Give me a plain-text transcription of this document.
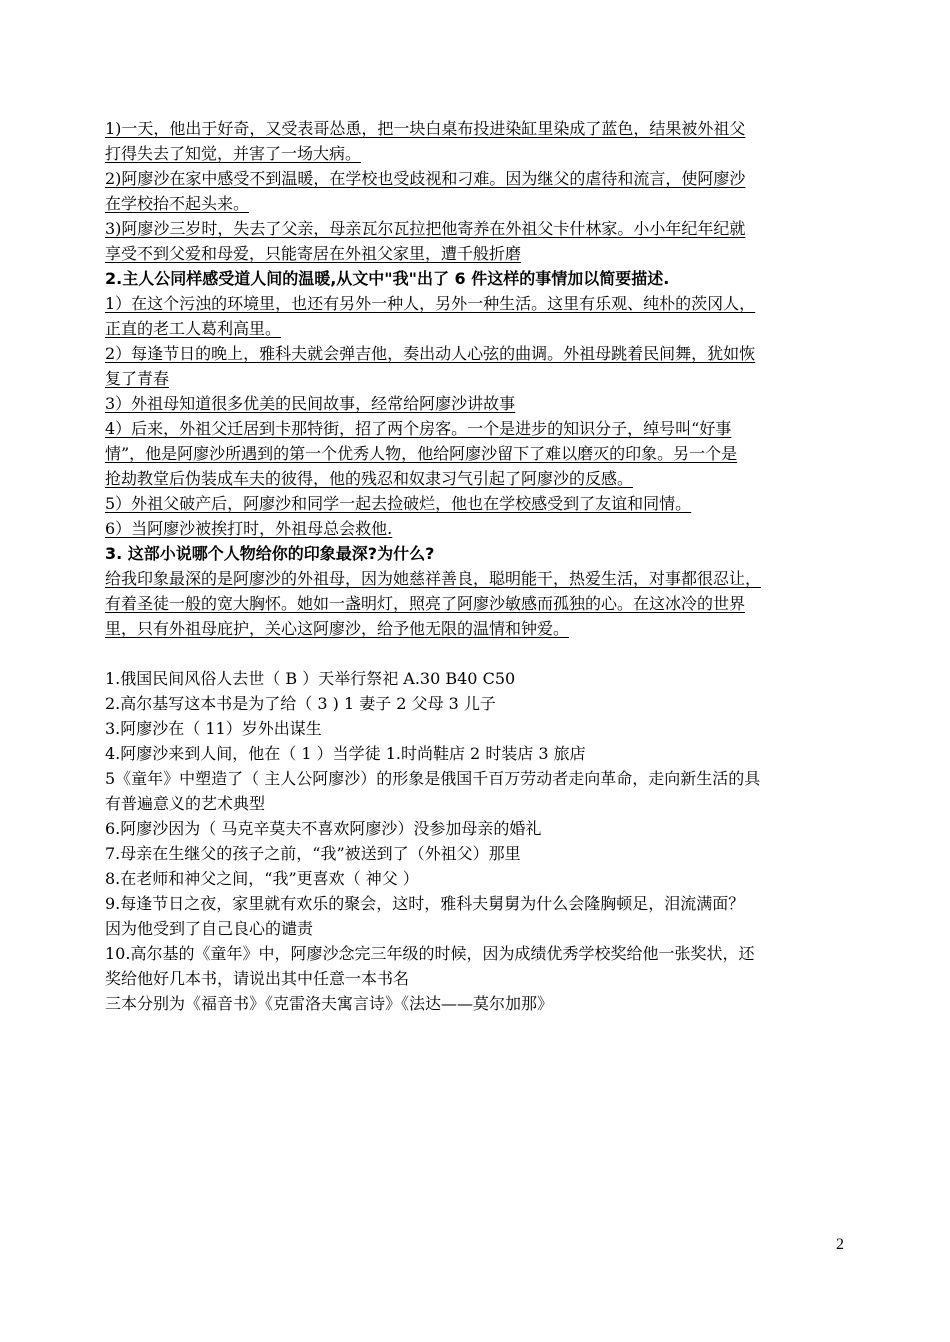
1)一天，他出于好奇，又受表哥怂恿，把一块白桌布投进染缸里染成了蓝色，结果被外祖父
打得失去了知觉，并害了一场大病。
2)阿廖沙在家中感受不到温暖，在学校也受歧视和刁难。因为继父的虐待和流言，使阿廖沙
在学校抬不起头来。
3)阿廖沙三岁时，失去了父亲，母亲瓦尔瓦拉把他寄养在外祖父卡什林家。小小年纪年纪就
享受不到父爱和母爱，只能寄居在外祖父家里，遭千般折磨
2.主人公同样感受道人间的温暖,从文中"我"出了 6 件这样的事情加以简要描述.
1）在这个污浊的环境里，也还有另外一种人，另外一种生活。这里有乐观、纯朴的茨冈人，
正直的老工人葛利高里。
2）每逢节日的晚上，雅科夫就会弹吉他，奏出动人心弦的曲调。外祖母跳着民间舞，犹如恢
复了青春
3）外祖母知道很多优美的民间故事，经常给阿廖沙讲故事
4）后来，外祖父迁居到卡那特街，招了两个房客。一个是进步的知识分子，绰号叫“好事
情”，他是阿廖沙所遇到的第一个优秀人物，他给阿廖沙留下了难以磨灭的印象。另一个是
抢劫教堂后伪装成车夫的彼得，他的残忍和奴隶习气引起了阿廖沙的反感。
5）外祖父破产后，阿廖沙和同学一起去捡破烂，他也在学校感受到了友谊和同情。
6）当阿廖沙被挨打时，外祖母总会救他.
3. 这部小说哪个人物给你的印象最深?为什么?
给我印象最深的是阿廖沙的外祖母，因为她慈祥善良，聪明能干，热爱生活，对事都很忍让，
有着圣徒一般的宽大胸怀。她如一盏明灯，照亮了阿廖沙敏感而孤独的心。在这冰冷的世界
里，只有外祖母庇护，关心这阿廖沙，给予他无限的温情和钟爱。
1.俄国民间风俗人去世（ B ）天举行祭祀 A.30 B40 C50
2.高尔基写这本书是为了给（ 3 ) 1 妻子 2 父母 3 儿子
3.阿廖沙在（ 11）岁外出谋生
4.阿廖沙来到人间，他在（ 1 ）当学徒 1.时尚鞋店 2 时装店 3 旅店
5《童年》中塑造了（ 主人公阿廖沙）的形象是俄国千百万劳动者走向革命，走向新生活的具
有普遍意义的艺术典型
6.阿廖沙因为（ 马克辛莫夫不喜欢阿廖沙）没参加母亲的婚礼
7.母亲在生继父的孩子之前，“我”被送到了（外祖父）那里
8.在老师和神父之间，“我”更喜欢（ 神父 ）
9.每逢节日之夜，家里就有欢乐的聚会，这时，雅科夫舅舅为什么会隆胸顿足，泪流满面？
因为他受到了自己良心的谴责
10.高尔基的《童年》中，阿廖沙念完三年级的时候，因为成绩优秀学校奖给他一张奖状，还
奖给他好几本书，请说出其中任意一本书名
三本分别为《福音书》《克雷洛夫寓言诗》《法达——莫尔加那》
2
